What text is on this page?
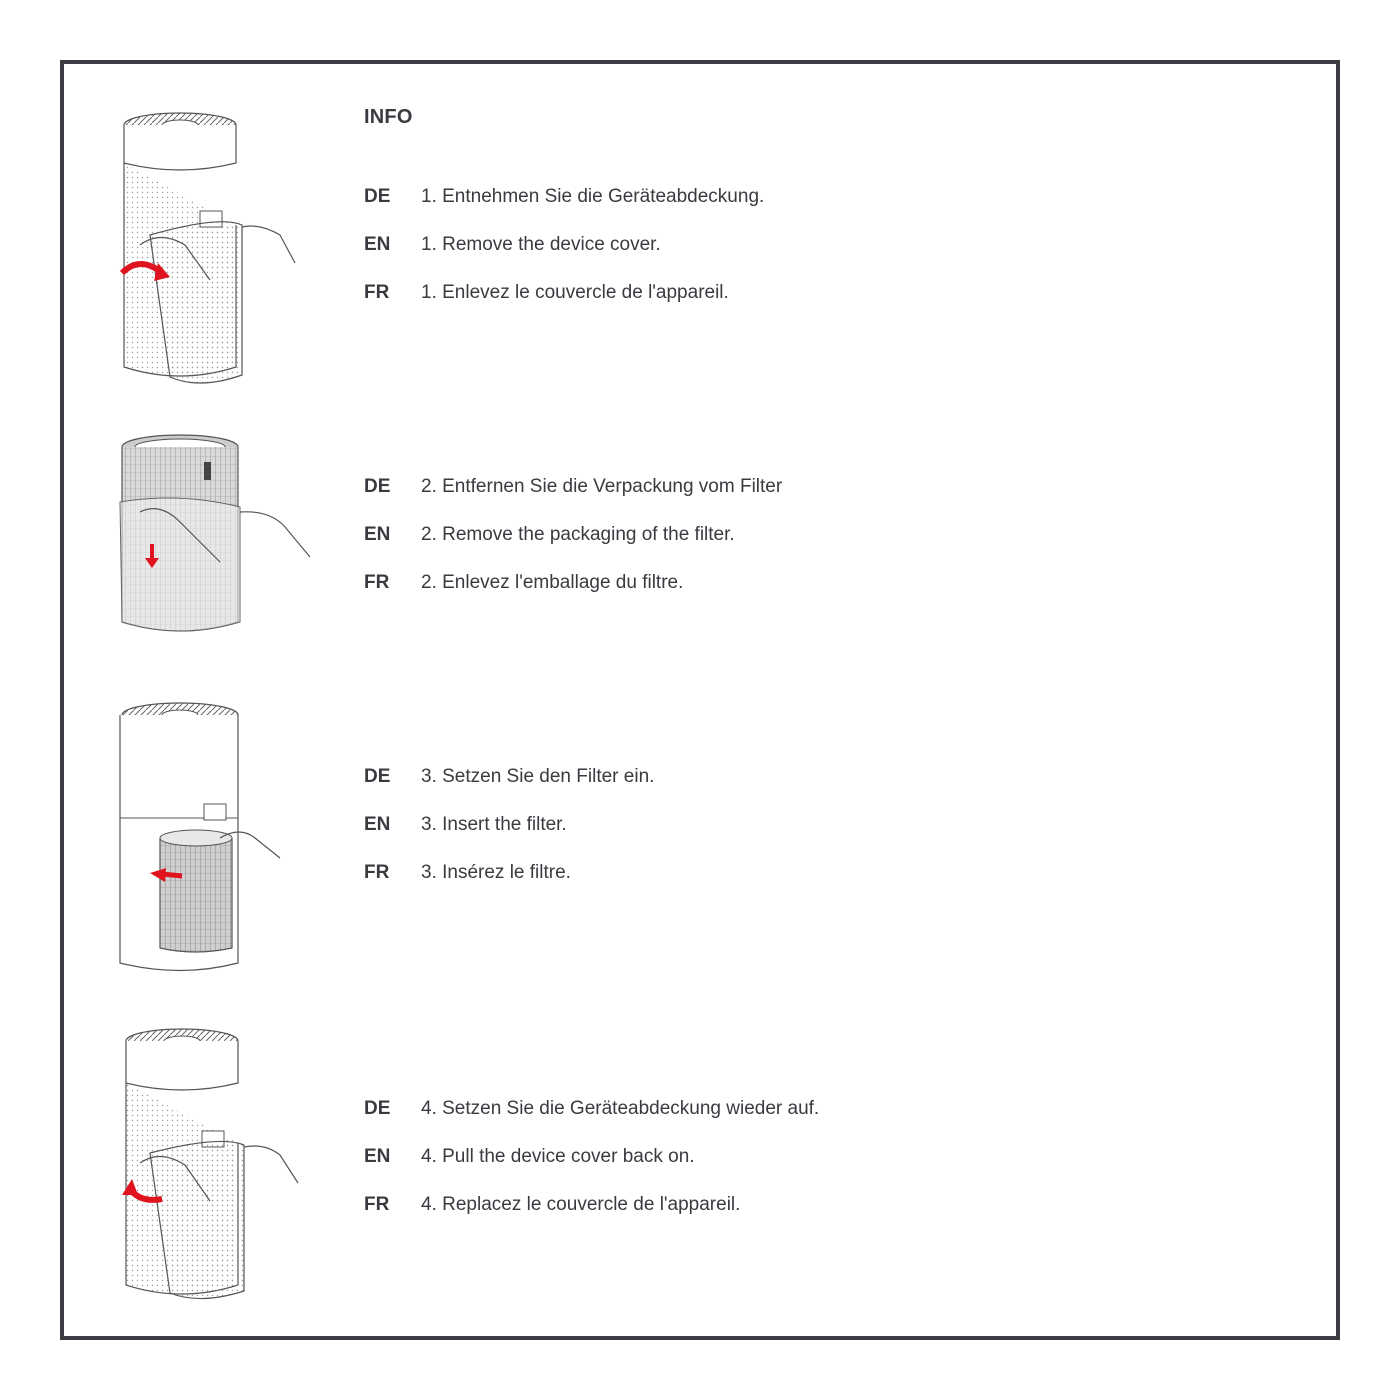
INFO
DE 1. Entnehmen Sie die Geräteabdeckung.
EN 1. Remove the device cover.
FR 1. Enlevez le couvercle de l'appareil.
DE 2. Entfernen Sie die Verpackung vom Filter
EN 2. Remove the packaging of the filter.
FR 2. Enlevez l'emballage du filtre.
DE 3. Setzen Sie den Filter ein.
EN 3. Insert the filter.
FR 3. Insérez le filtre.
DE 4. Setzen Sie die Geräteabdeckung wieder auf.
EN 4. Pull the device cover back on.
FR 4. Replacez le couvercle de l'appareil.
